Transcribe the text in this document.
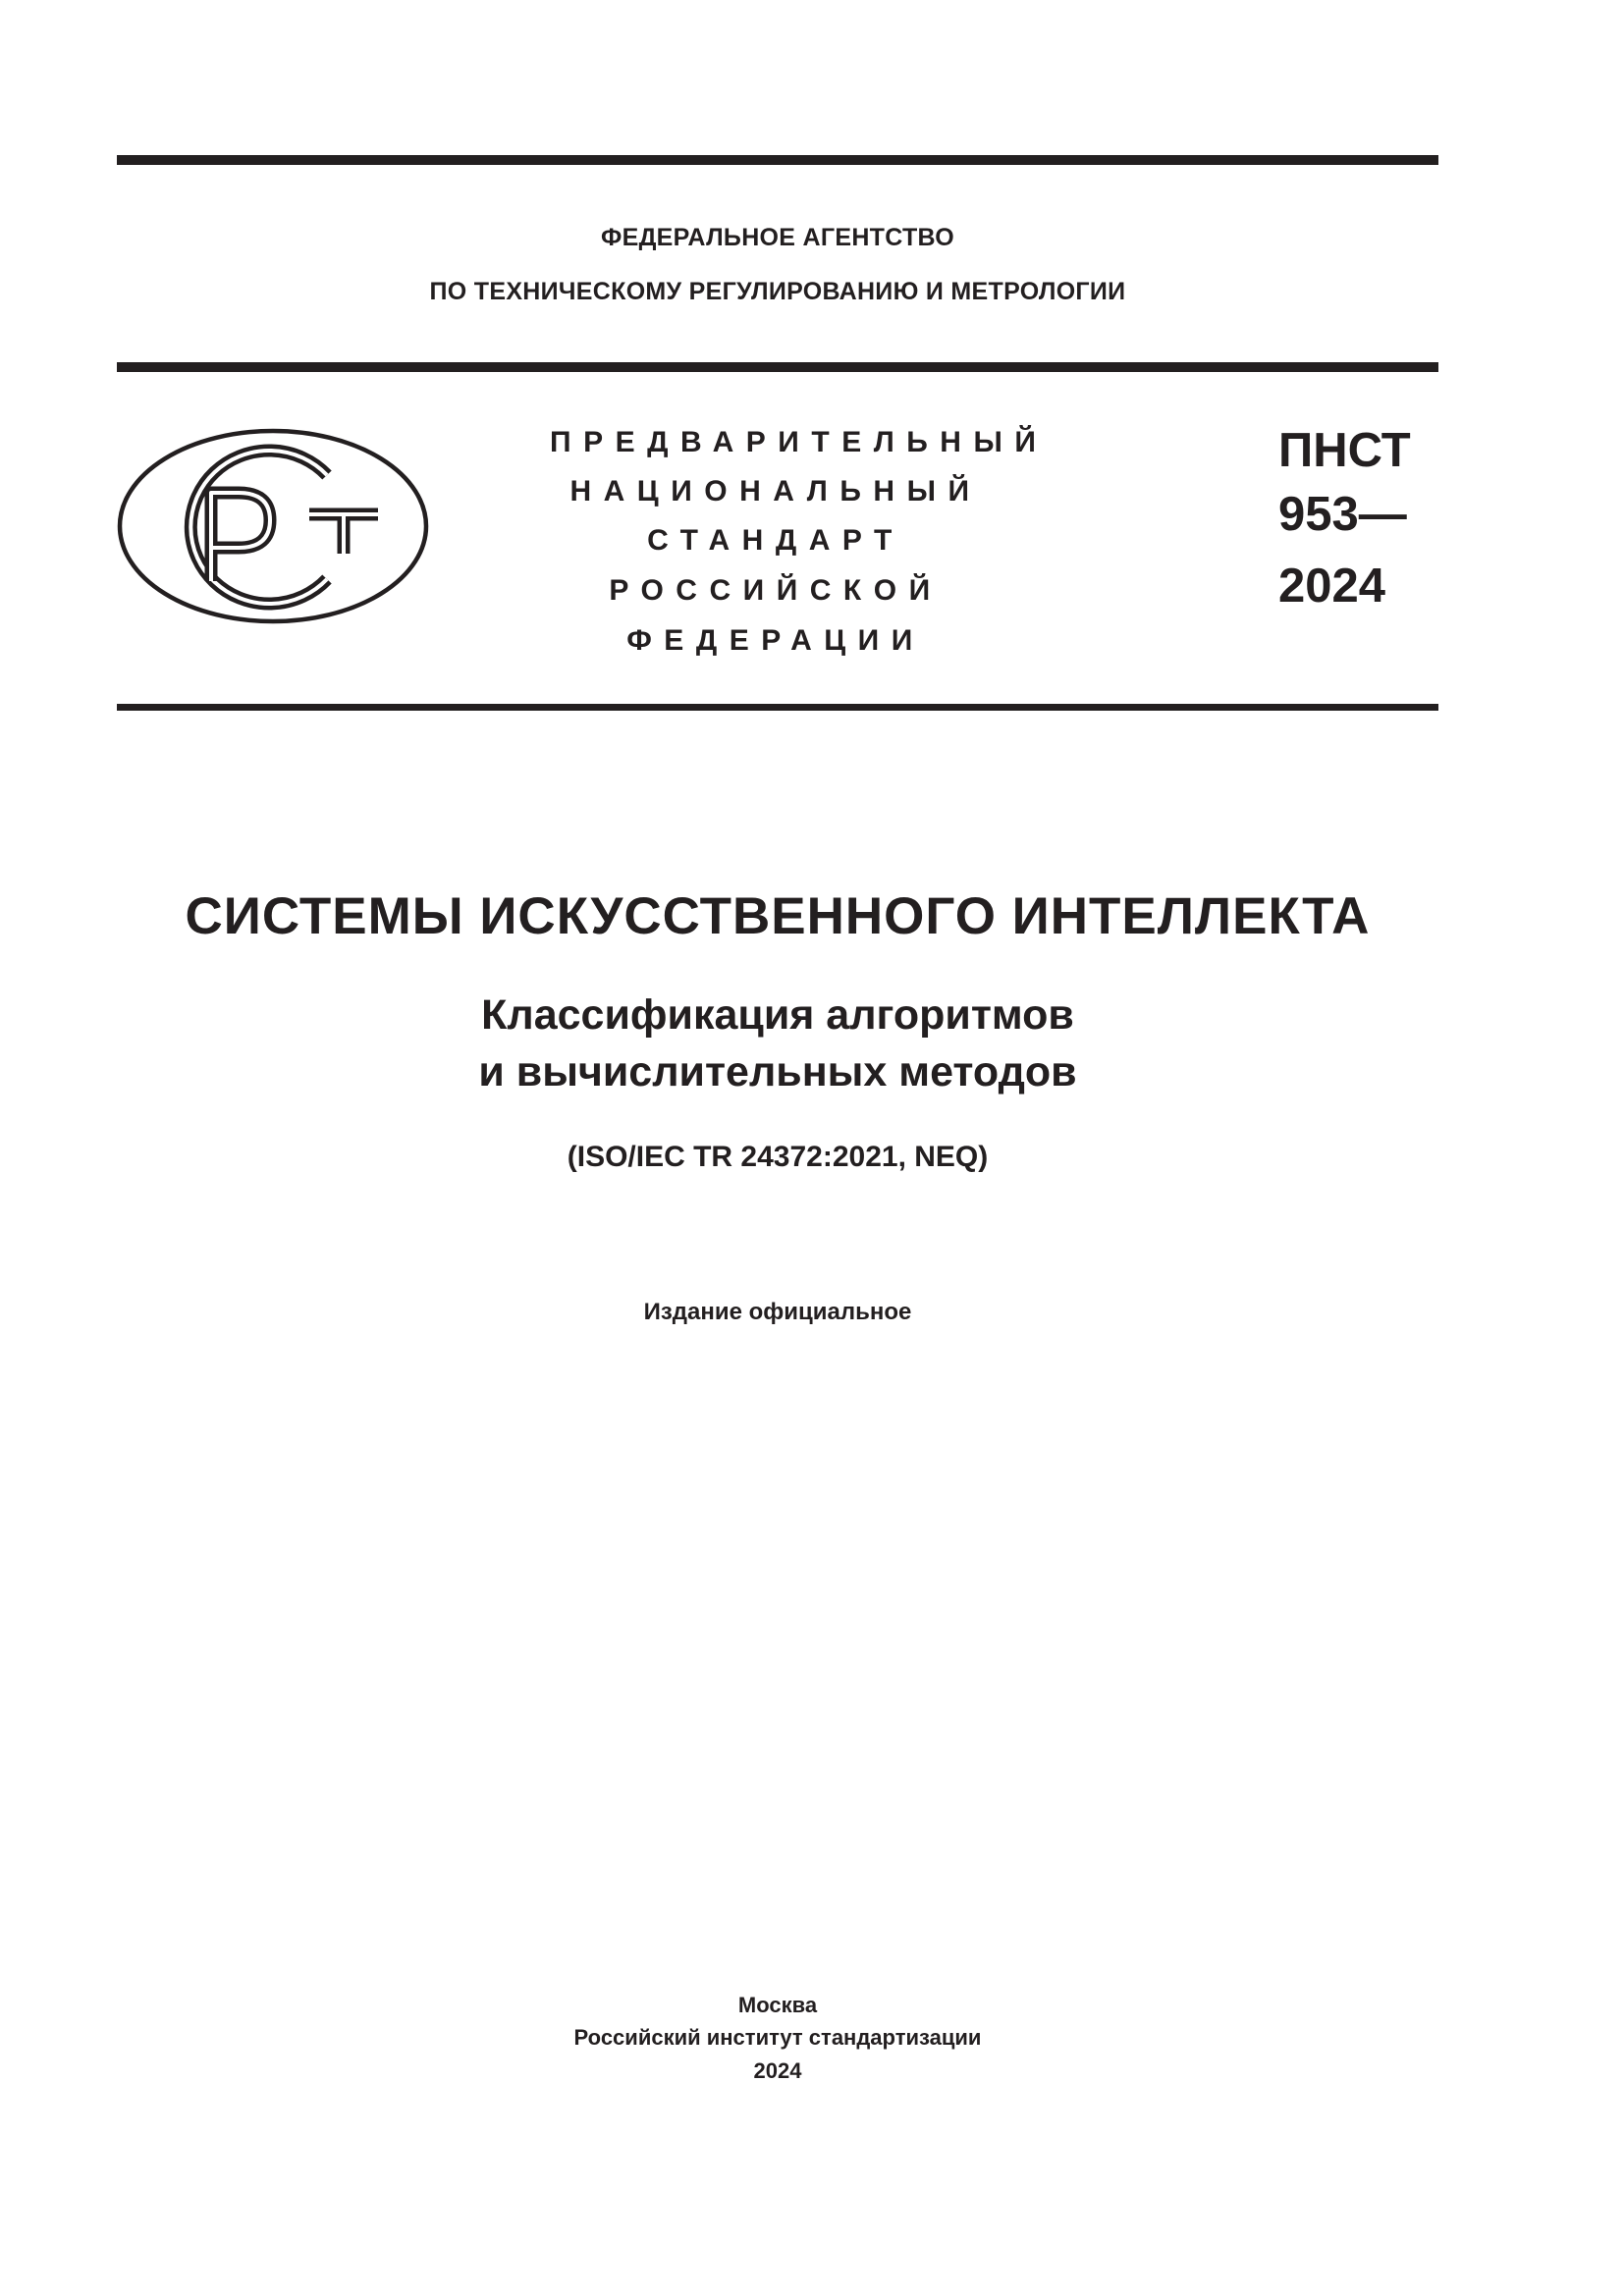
ФЕДЕРАЛЬНОЕ АГЕНТСТВО
ПО ТЕХНИЧЕСКОМУ РЕГУЛИРОВАНИЮ И МЕТРОЛОГИИ
ПРЕДВАРИТЕЛЬНЫЙ
НАЦИОНАЛЬНЫЙ
СТАНДАРТ
РОССИЙСКОЙ
ФЕДЕРАЦИИ
ПНСТ
953—
2024
СИСТЕМЫ ИСКУССТВЕННОГО ИНТЕЛЛЕКТА
Классификация алгоритмов
и вычислительных методов
(ISO/IEC TR 24372:2021, NEQ)
Издание официальное
Москва
Российский институт стандартизации
2024
